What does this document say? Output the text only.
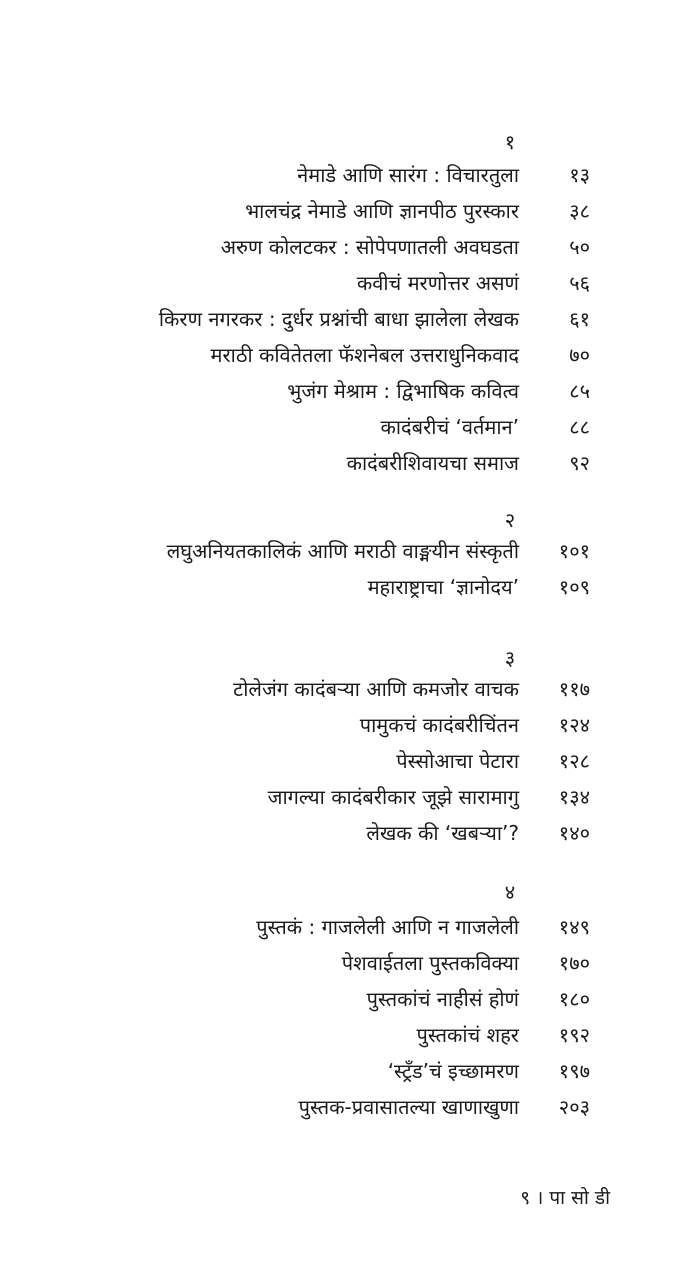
१
नेमाडे आणि सारंग : विचारतुला	१३
भालचंद्र नेमाडे आणि ज्ञानपीठ पुरस्कार	३८
अरुण कोलटकर : सोपेपणातली अवघडता	५०
कवीचं मरणोत्तर असणं	५६
किरण नगरकर : दुर्धर प्रश्नांची बाधा झालेला लेखक	६१
मराठी कवितेतला फॅशनेबल उत्तराधुनिकवाद	७०
भुजंग मेश्राम : द्विभाषिक कवित्व	८५
कादंबरीचं ‘वर्तमान’	८८
कादंबरीशिवायचा समाज	९२
२
लघुअनियतकालिकं आणि मराठी वाङ्मयीन संस्कृती	१०१
महाराष्ट्राचा ‘ज्ञानोदय’	१०९
३
टोलेजंग कादंबऱ्या आणि कमजोर वाचक	११७
पामुकचं कादंबरीचिंतन	१२४
पेस्सोआचा पेटारा	१२८
जागल्या कादंबरीकार जूझे सारामागु	१३४
लेखक की ‘खबऱ्या’?	१४०
४
पुस्तकं : गाजलेली आणि न गाजलेली	१४९
पेशवाईतला पुस्तकविक्या	१७०
पुस्तकांचं नाहीसं होणं	१८०
पुस्तकांचं शहर	१९२
‘स्ट्रँड’चं इच्छामरण	१९७
पुस्तक-प्रवासातल्या खाणाखुणा	२०३
९ । पा सो डी
